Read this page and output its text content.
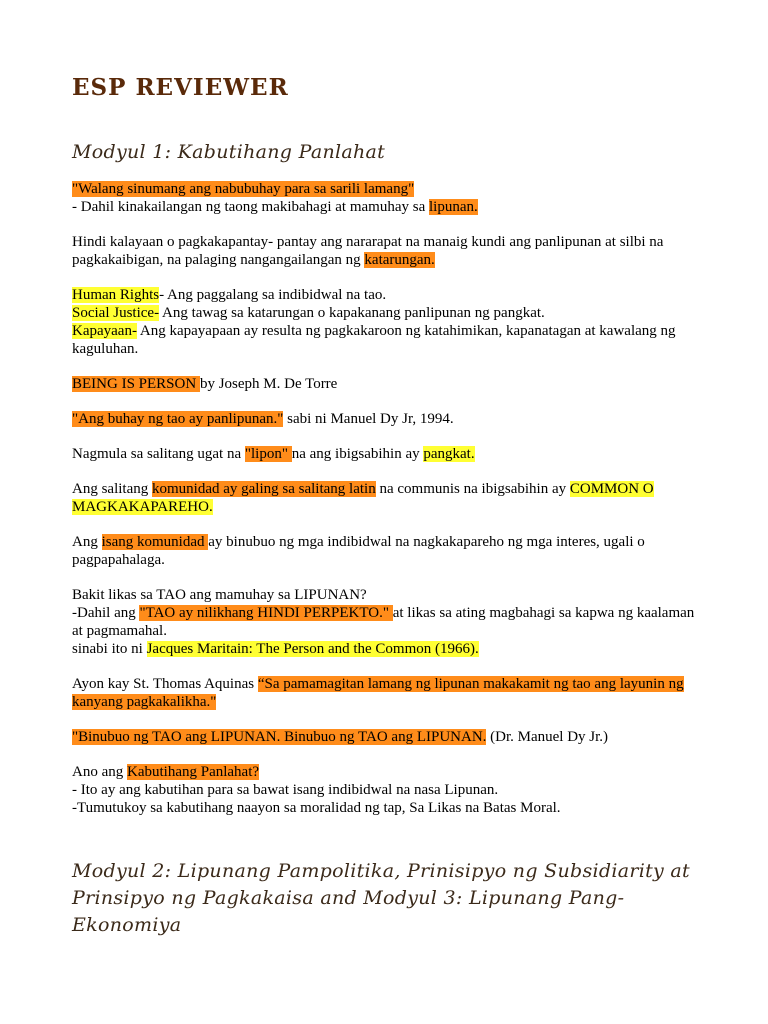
ESP REVIEWER
Modyul 1: Kabutihang Panlahat

"Walang sinumang ang nabubuhay para sa sarili lamang"
- Dahil kinakailangan ng taong makibahagi at mamuhay sa lipunan.

Hindi kalayaan o pagkakapantay- pantay ang nararapat na manaig kundi ang panlipunan at silbi na pagkakaibigan, na palaging nangangailangan ng katarungan.

Human Rights- Ang paggalang sa indibidwal na tao.
Social Justice- Ang tawag sa katarungan o kapakanang panlipunan ng pangkat.
Kapayaan- Ang kapayapaan ay resulta ng pagkakaroon ng katahimikan, kapanatagan at kawalang ng kaguluhan.

BEING IS PERSON by Joseph M. De Torre

"Ang buhay ng tao ay panlipunan." sabi ni Manuel Dy Jr, 1994.

Nagmula sa salitang ugat na "lipon" na ang ibigsabihin ay pangkat.

Ang salitang komunidad ay galing sa salitang latin na communis na ibigsabihin ay COMMON O MAGKAKAPAREHO.

Ang isang komunidad ay binubuo ng mga indibidwal na nagkakapareho ng mga interes, ugali o pagpapahalaga.

Bakit likas sa TAO ang mamuhay sa LIPUNAN?
-Dahil ang "TAO ay nilikhang HINDI PERPEKTO." at likas sa ating magbahagi sa kapwa ng kaalaman at pagmamahal.
sinabi ito ni Jacques Maritain: The Person and the Common (1966).

Ayon kay St. Thomas Aquinas “Sa pamamagitan lamang ng lipunan makakamit ng tao ang layunin ng kanyang pagkakalikha."

"Binubuo ng TAO ang LIPUNAN. Binubuo ng TAO ang LIPUNAN. (Dr. Manuel Dy Jr.)

Ano ang Kabutihang Panlahat?
- Ito ay ang kabutihan para sa bawat isang indibidwal na nasa Lipunan.
-Tumutukoy sa kabutihang naayon sa moralidad ng tap, Sa Likas na Batas Moral.

Modyul 2: Lipunang Pampolitika, Prinisipyo ng Subsidiarity at Prinsipyo ng Pagkakaisa and Modyul 3: Lipunang Pang-Ekonomiya
